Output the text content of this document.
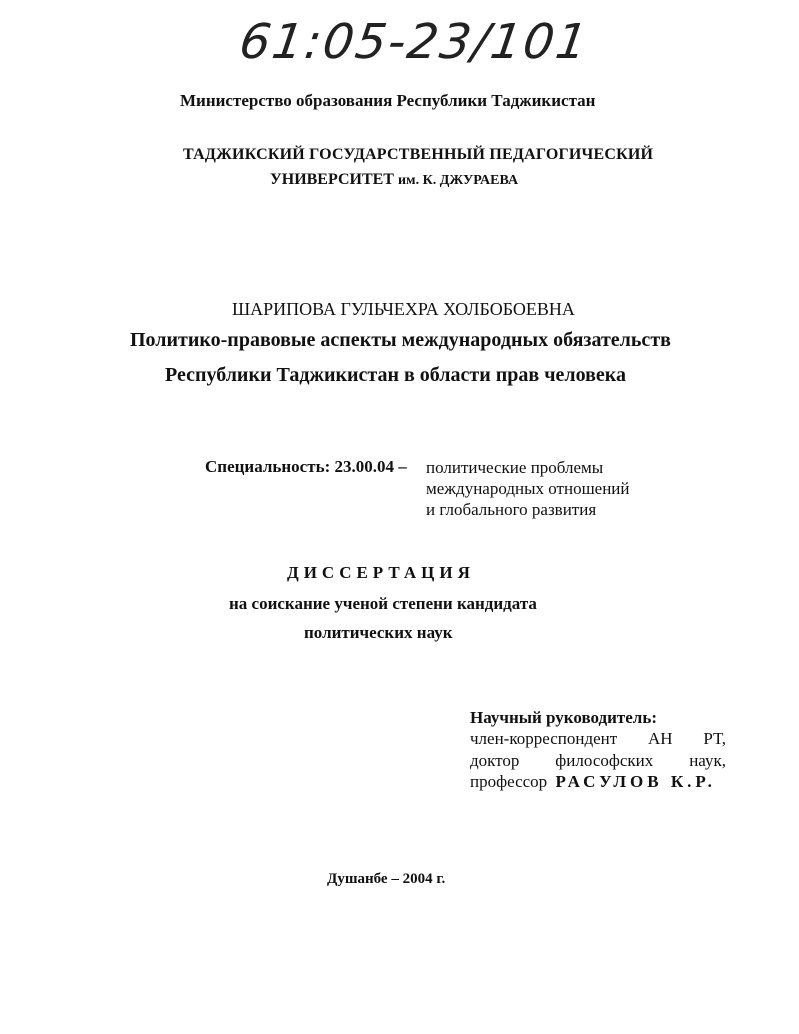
61:05-23/101
Министерство образования Республики Таджикистан
ТАДЖИКСКИЙ ГОСУДАРСТВЕННЫЙ ПЕДАГОГИЧЕСКИЙ
УНИВЕРСИТЕТ им. К. ДЖУРАЕВА
ШАРИПОВА ГУЛЬЧЕХРА ХОЛБОБОЕВНА
Политико-правовые аспекты международных обязательств
Республики Таджикистан в области прав человека
Специальность: 23.00.04 – политические проблемы
международных отношений
и глобального развития
ДИССЕРТАЦИЯ
на соискание ученой степени кандидата
политических наук
Научный руководитель:
член-корреспондент АН РТ,
доктор философских наук,
профессор РАСУЛОВ К.Р.
Душанбе – 2004 г.
